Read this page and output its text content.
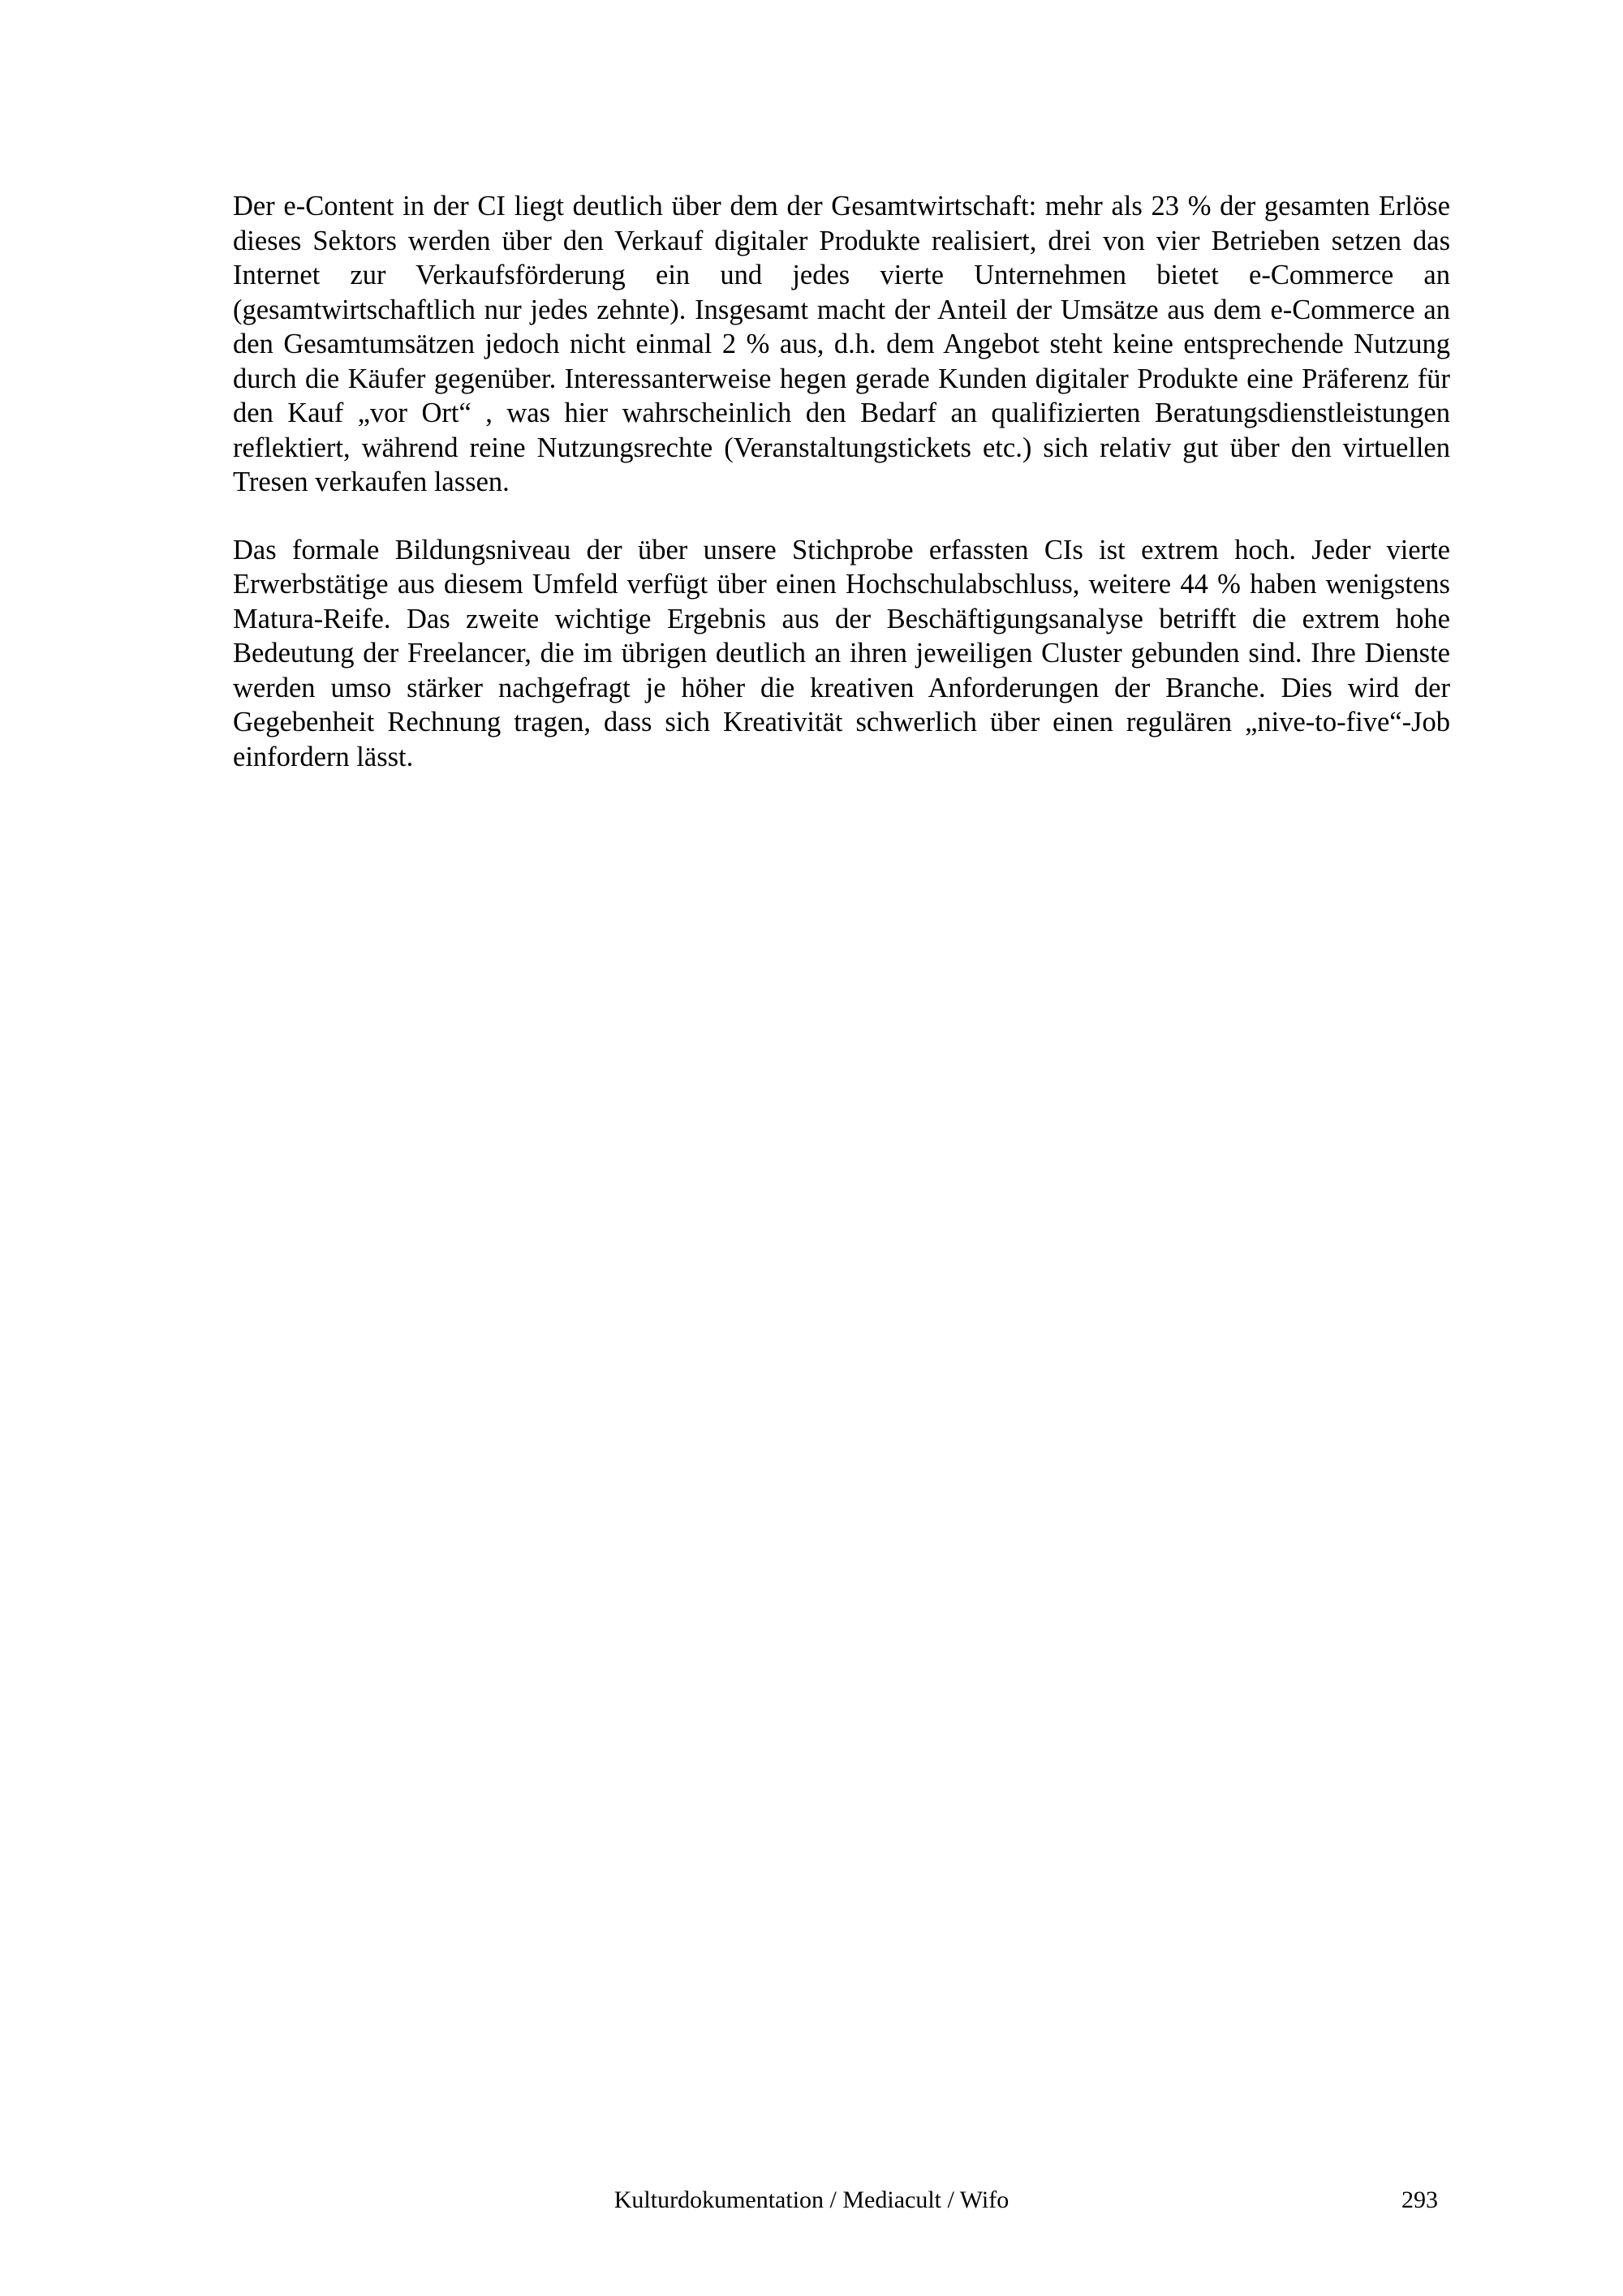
Der e-Content in der CI liegt deutlich über dem der Gesamtwirtschaft: mehr als 23 % der gesamten Erlöse dieses Sektors werden über den Verkauf digitaler Produkte realisiert, drei von vier Betrieben setzen das Internet zur Verkaufsförderung ein und jedes vierte Unternehmen bietet e-Commerce an (gesamtwirtschaftlich nur jedes zehnte). Insgesamt macht der Anteil der Umsätze aus dem e-Commerce an den Gesamtumsätzen jedoch nicht einmal 2 % aus, d.h. dem Angebot steht keine entsprechende Nutzung durch die Käufer gegenüber. Interessanterweise hegen gerade Kunden digitaler Produkte eine Präferenz für den Kauf „vor Ort“ , was hier wahrscheinlich den Bedarf an qualifizierten Beratungsdienstleistungen reflektiert, während reine Nutzungsrechte (Veranstaltungstickets etc.) sich relativ gut über den virtuellen Tresen verkaufen lassen.

Das formale Bildungsniveau der über unsere Stichprobe erfassten CIs ist extrem hoch. Jeder vierte Erwerbstätige aus diesem Umfeld verfügt über einen Hochschulabschluss, weitere 44 % haben wenigstens Matura-Reife. Das zweite wichtige Ergebnis aus der Beschäftigungsanalyse betrifft die extrem hohe Bedeutung der Freelancer, die im übrigen deutlich an ihren jeweiligen Cluster gebunden sind. Ihre Dienste werden umso stärker nachgefragt je höher die kreativen Anforderungen der Branche. Dies wird der Gegebenheit Rechnung tragen, dass sich Kreativität schwerlich über einen regulären „nive-to-five“-Job einfordern lässt.

Kulturdokumentation / Mediacult / Wifo	293
